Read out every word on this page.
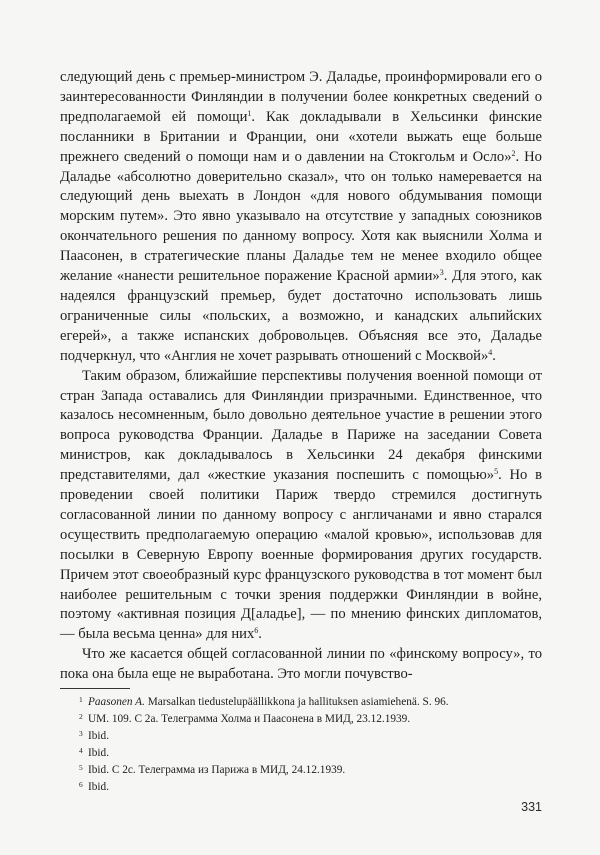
следующий день с премьер-министром Э. Даладье, проинформировали его о заинтересованности Финляндии в получении более конкретных сведений о предполагаемой ей помощи$^1$. Как докладывали в Хельсинки финские посланники в Британии и Франции, они «хотели выжать еще больше прежнего сведений о помощи нам и о давлении на Стокгольм и Осло»$^2$. Но Даладье «абсолютно доверительно сказал», что он только намеревается на следующий день выехать в Лондон «для нового обдумывания помощи морским путем». Это явно указывало на отсутствие у западных союзников окончательного решения по данному вопросу. Хотя как выяснили Холма и Паасонен, в стратегические планы Даладье тем не менее входило общее желание «нанести решительное поражение Красной армии»$^3$. Для этого, как надеялся французский премьер, будет достаточно использовать лишь ограниченные силы «польских, а возможно, и канадских альпийских егерей», а также испанских добровольцев. Объясняя все это, Даладье подчеркнул, что «Англия не хочет разрывать отношений с Москвой»$^4$.

Таким образом, ближайшие перспективы получения военной помощи от стран Запада оставались для Финляндии призрачными. Единственное, что казалось несомненным, было довольно деятельное участие в решении этого вопроса руководства Франции. Даладье в Париже на заседании Совета министров, как докладывалось в Хельсинки 24 декабря финскими представителями, дал «жесткие указания поспешить с помощью»$^5$. Но в проведении своей политики Париж твердо стремился достигнуть согласованной линии по данному вопросу с англичанами и явно старался осуществить предполагаемую операцию «малой кровью», использовав для посылки в Северную Европу военные формирования других государств. Причем этот своеобразный курс французского руководства в тот момент был наиболее решительным с точки зрения поддержки Финляндии в войне, поэтому «активная позиция Д[аладье], — по мнению финских дипломатов, — была весьма ценна» для них$^6$.

Что же касается общей согласованной линии по «финскому вопросу», то пока она была еще не выработана. Это могли почувство-

1 Paasonen A. Marsalkan tiedustelupäällikkona ja hallituksen asiamiehenä. S. 96.
2 UM. 109. C 2a. Телеграмма Холма и Паасонена в МИД, 23.12.1939.
3 Ibid.
4 Ibid.
5 Ibid. C 2c. Телеграмма из Парижа в МИД, 24.12.1939.
6 Ibid.
331
